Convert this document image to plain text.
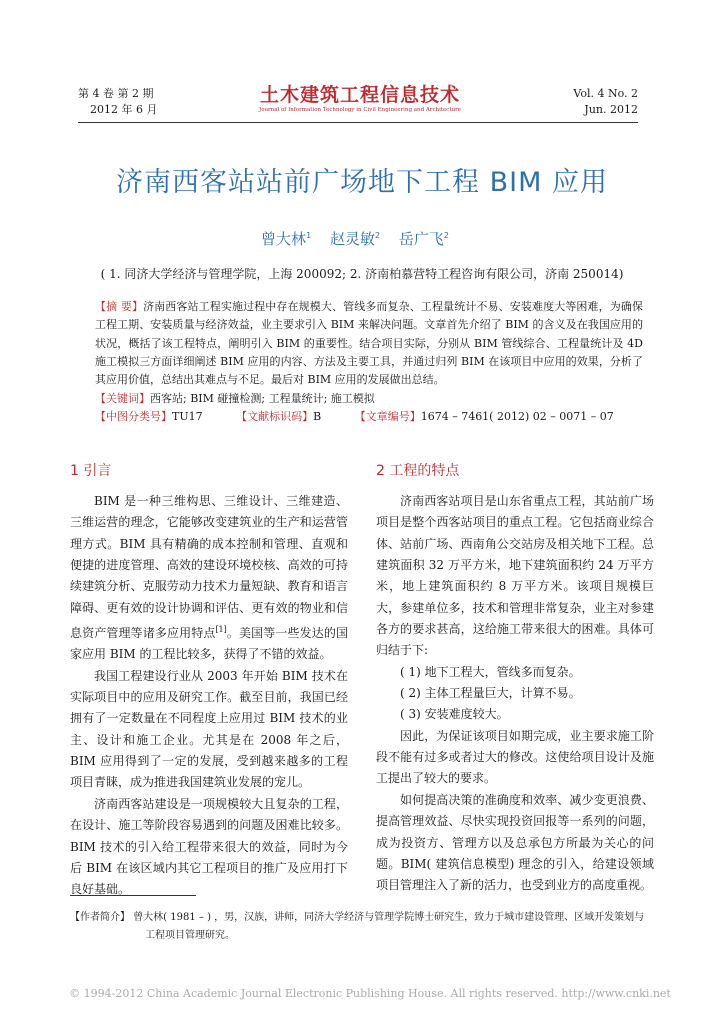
第 4 卷 第 2 期
2012 年 6 月
土木建筑工程信息技术
Journal of Information Technology in Civil Engineering and Architecture
Vol. 4 No. 2
Jun. 2012
济南西客站站前广场地下工程 BIM 应用
曾大林$^1$ 赵灵敏$^2$ 岳广飞$^2$
( 1. 同济大学经济与管理学院，上海 200092; 2. 济南柏慕营特工程咨询有限公司，济南 250014)
【摘 要】济南西客站工程实施过程中存在规模大、管线多而复杂、工程量统计不易、安装难度大等困难，为确保工程工期、安装质量与经济效益，业主要求引入 BIM 来解决问题。文章首先介绍了 BIM 的含义及在我国应用的状况，概括了该工程特点，阐明引入 BIM 的重要性。结合项目实际，分别从 BIM 管线综合、工程量统计及 4D 施工模拟三方面详细阐述 BIM 应用的内容、方法及主要工具，并通过归列 BIM 在该项目中应用的效果，分析了其应用价值，总结出其难点与不足。最后对 BIM 应用的发展做出总结。
【关键词】西客站; BIM 碰撞检测; 工程量统计; 施工模拟
【中图分类号】TU17	【文献标识码】B	【文章编号】1674 – 7461( 2012) 02 – 0071 – 07
1 引言

BIM 是一种三维构思、三维设计、三维建造、三维运营的理念，它能够改变建筑业的生产和运营管理方式。BIM 具有精确的成本控制和管理、直观和便捷的进度管理、高效的建设环境校核、高效的可持续建筑分析、克服劳动力技术力量短缺、教育和语言障碍、更有效的设计协调和评估、更有效的物业和信息资产管理等诸多应用特点[1]。美国等一些发达的国家应用 BIM 的工程比较多，获得了不错的效益。

我国工程建设行业从 2003 年开始 BIM 技术在实际项目中的应用及研究工作。截至目前，我国已经拥有了一定数量在不同程度上应用过 BIM 技术的业主、设计和施工企业。尤其是在 2008 年之后，BIM 应用得到了一定的发展，受到越来越多的工程项目青睐，成为推进我国建筑业发展的宠儿。

济南西客站建设是一项规模较大且复杂的工程，在设计、施工等阶段容易遇到的问题及困难比较多。BIM 技术的引入给工程带来很大的效益，同时为今后 BIM 在该区域内其它工程项目的推广及应用打下良好基础。

2 工程的特点

济南西客站项目是山东省重点工程，其站前广场项目是整个西客站项目的重点工程。它包括商业综合体、站前广场、西南角公交站房及相关地下工程。总建筑面积 32 万平方米，地下建筑面积约 24 万平方米，地上建筑面积约 8 万平方米。该项目规模巨大，参建单位多，技术和管理非常复杂，业主对参建各方的要求甚高，这给施工带来很大的困难。具体可归结于下:

( 1) 地下工程大，管线多而复杂。

( 2) 主体工程量巨大，计算不易。

( 3) 安装难度较大。

因此，为保证该项目如期完成，业主要求施工阶段不能有过多或者过大的修改。这使给项目设计及施工提出了较大的要求。

如何提高决策的准确度和效率、减少变更浪费、提高管理效益、尽快实现投资回报等一系列的问题，成为投资方、管理方以及总承包方所最为关心的问题。BIM( 建筑信息模型) 理念的引入，给建设领域项目管理注入了新的活力，也受到业方的高度重视。

【作者简介】 曾大林( 1981 – ) ，男，汉族，讲师，同济大学经济与管理学院博士研究生，致力于城市建设管理、区域开发策划与
工程项目管理研究。
© 1994-2012 China Academic Journal Electronic Publishing House. All rights reserved. http://www.cnki.net
